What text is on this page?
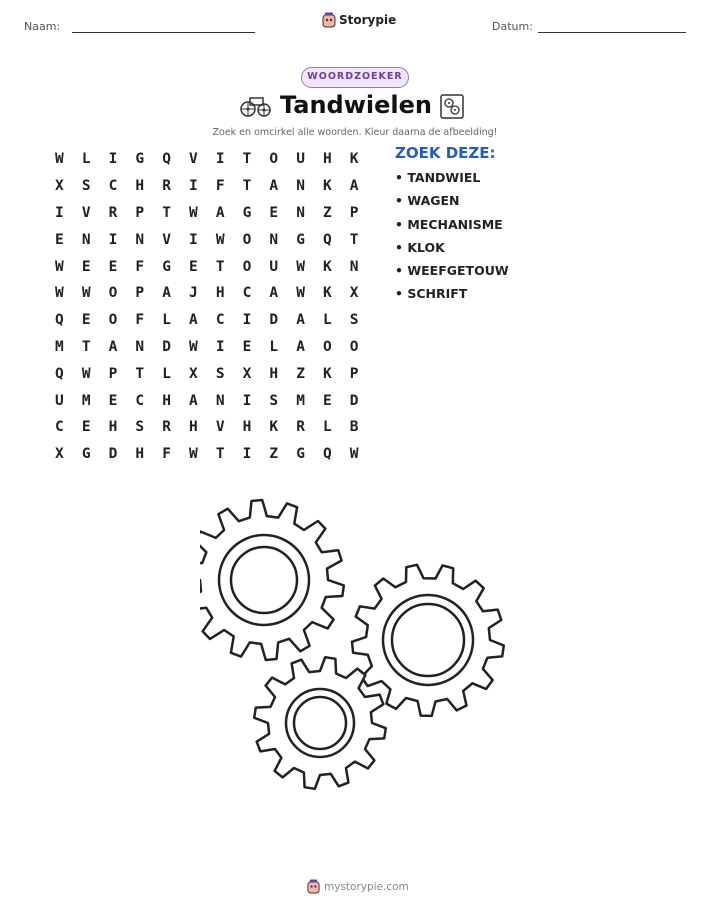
Naam:	Storypie	Datum:
WOORDZOEKER
Tandwielen
Zoek en omcirkel alle woorden. Kleur daarna de afbeelding!
W	L	I	G	Q	V	I	T	O	U	H	K
X	S	C	H	R	I	F	T	A	N	K	A
I	V	R	P	T	W	A	G	E	N	Z	P
E	N	I	N	V	I	W	O	N	G	Q	T
W	E	E	F	G	E	T	O	U	W	K	N
W	W	O	P	A	J	H	C	A	W	K	X
Q	E	O	F	L	A	C	I	D	A	L	S
M	T	A	N	D	W	I	E	L	A	O	O
Q	W	P	T	L	X	S	X	H	Z	K	P
U	M	E	C	H	A	N	I	S	M	E	D
C	E	H	S	R	H	V	H	K	R	L	B
X	G	D	H	F	W	T	I	Z	G	Q	W
ZOEK DEZE:
• TANDWIEL
• WAGEN
• MECHANISME
• KLOK
• WEEFGETOUW
• SCHRIFT
mystorypie.com
